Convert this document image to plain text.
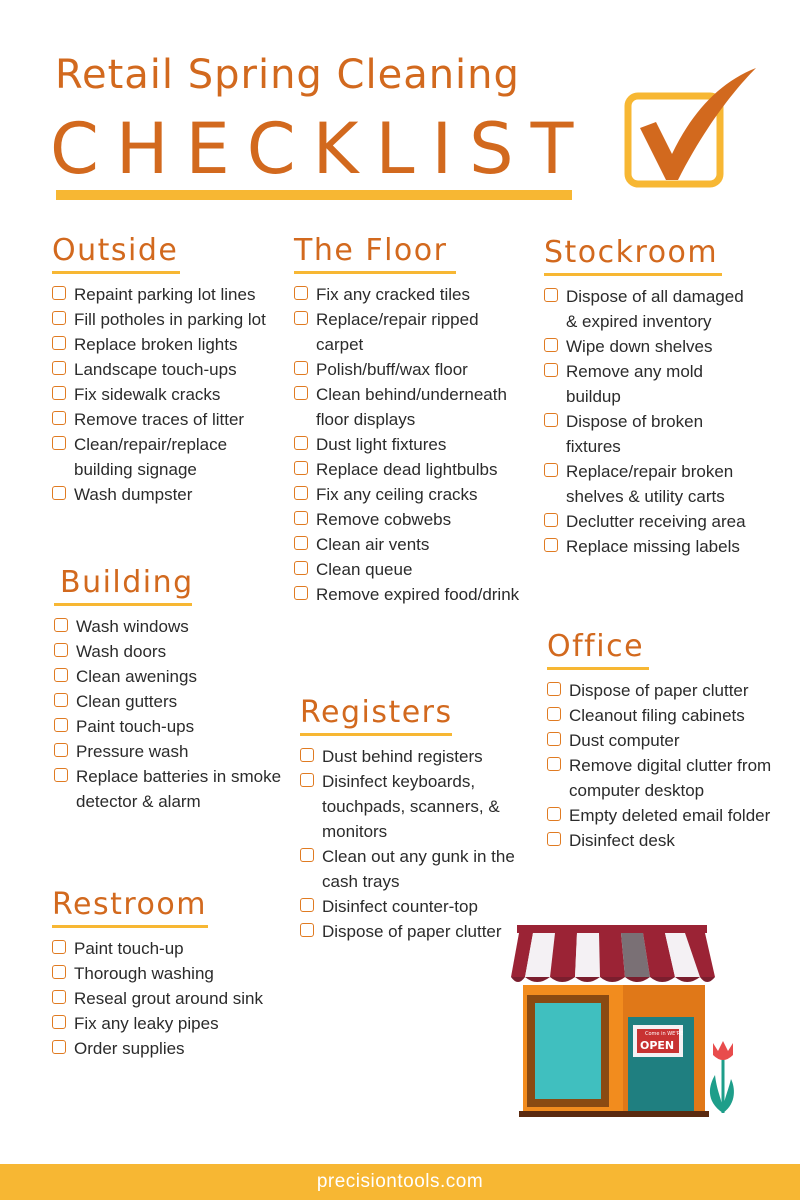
Retail Spring Cleaning
CHECKLIST
Outside
Repaint parking lot lines
Fill potholes in parking lot
Replace broken lights
Landscape touch-ups
Fix sidewalk cracks
Remove traces of litter
Clean/repair/replace building signage
Wash dumpster
The Floor
Fix any cracked tiles
Replace/repair ripped carpet
Polish/buff/wax floor
Clean behind/underneath floor displays
Dust light fixtures
Replace dead lightbulbs
Fix any ceiling cracks
Remove cobwebs
Clean air vents
Clean queue
Remove expired food/drink
Stockroom
Dispose of all damaged & expired inventory
Wipe down shelves
Remove any mold buildup
Dispose of broken fixtures
Replace/repair broken shelves & utility carts
Declutter receiving area
Replace missing labels
Building
Wash windows
Wash doors
Clean awenings
Clean gutters
Paint touch-ups
Pressure wash
Replace batteries in smoke detector & alarm
Registers
Dust behind registers
Disinfect keyboards, touchpads, scanners, & monitors
Clean out any gunk in the cash trays
Disinfect counter-top
Dispose of paper clutter
Office
Dispose of paper clutter
Cleanout filing cabinets
Dust computer
Remove digital clutter from computer desktop
Empty deleted email folder
Disinfect desk
Restroom
Paint touch-up
Thorough washing
Reseal grout around sink
Fix any leaky pipes
Order supplies
Come in WE'RE
OPEN
precisiontools.com
